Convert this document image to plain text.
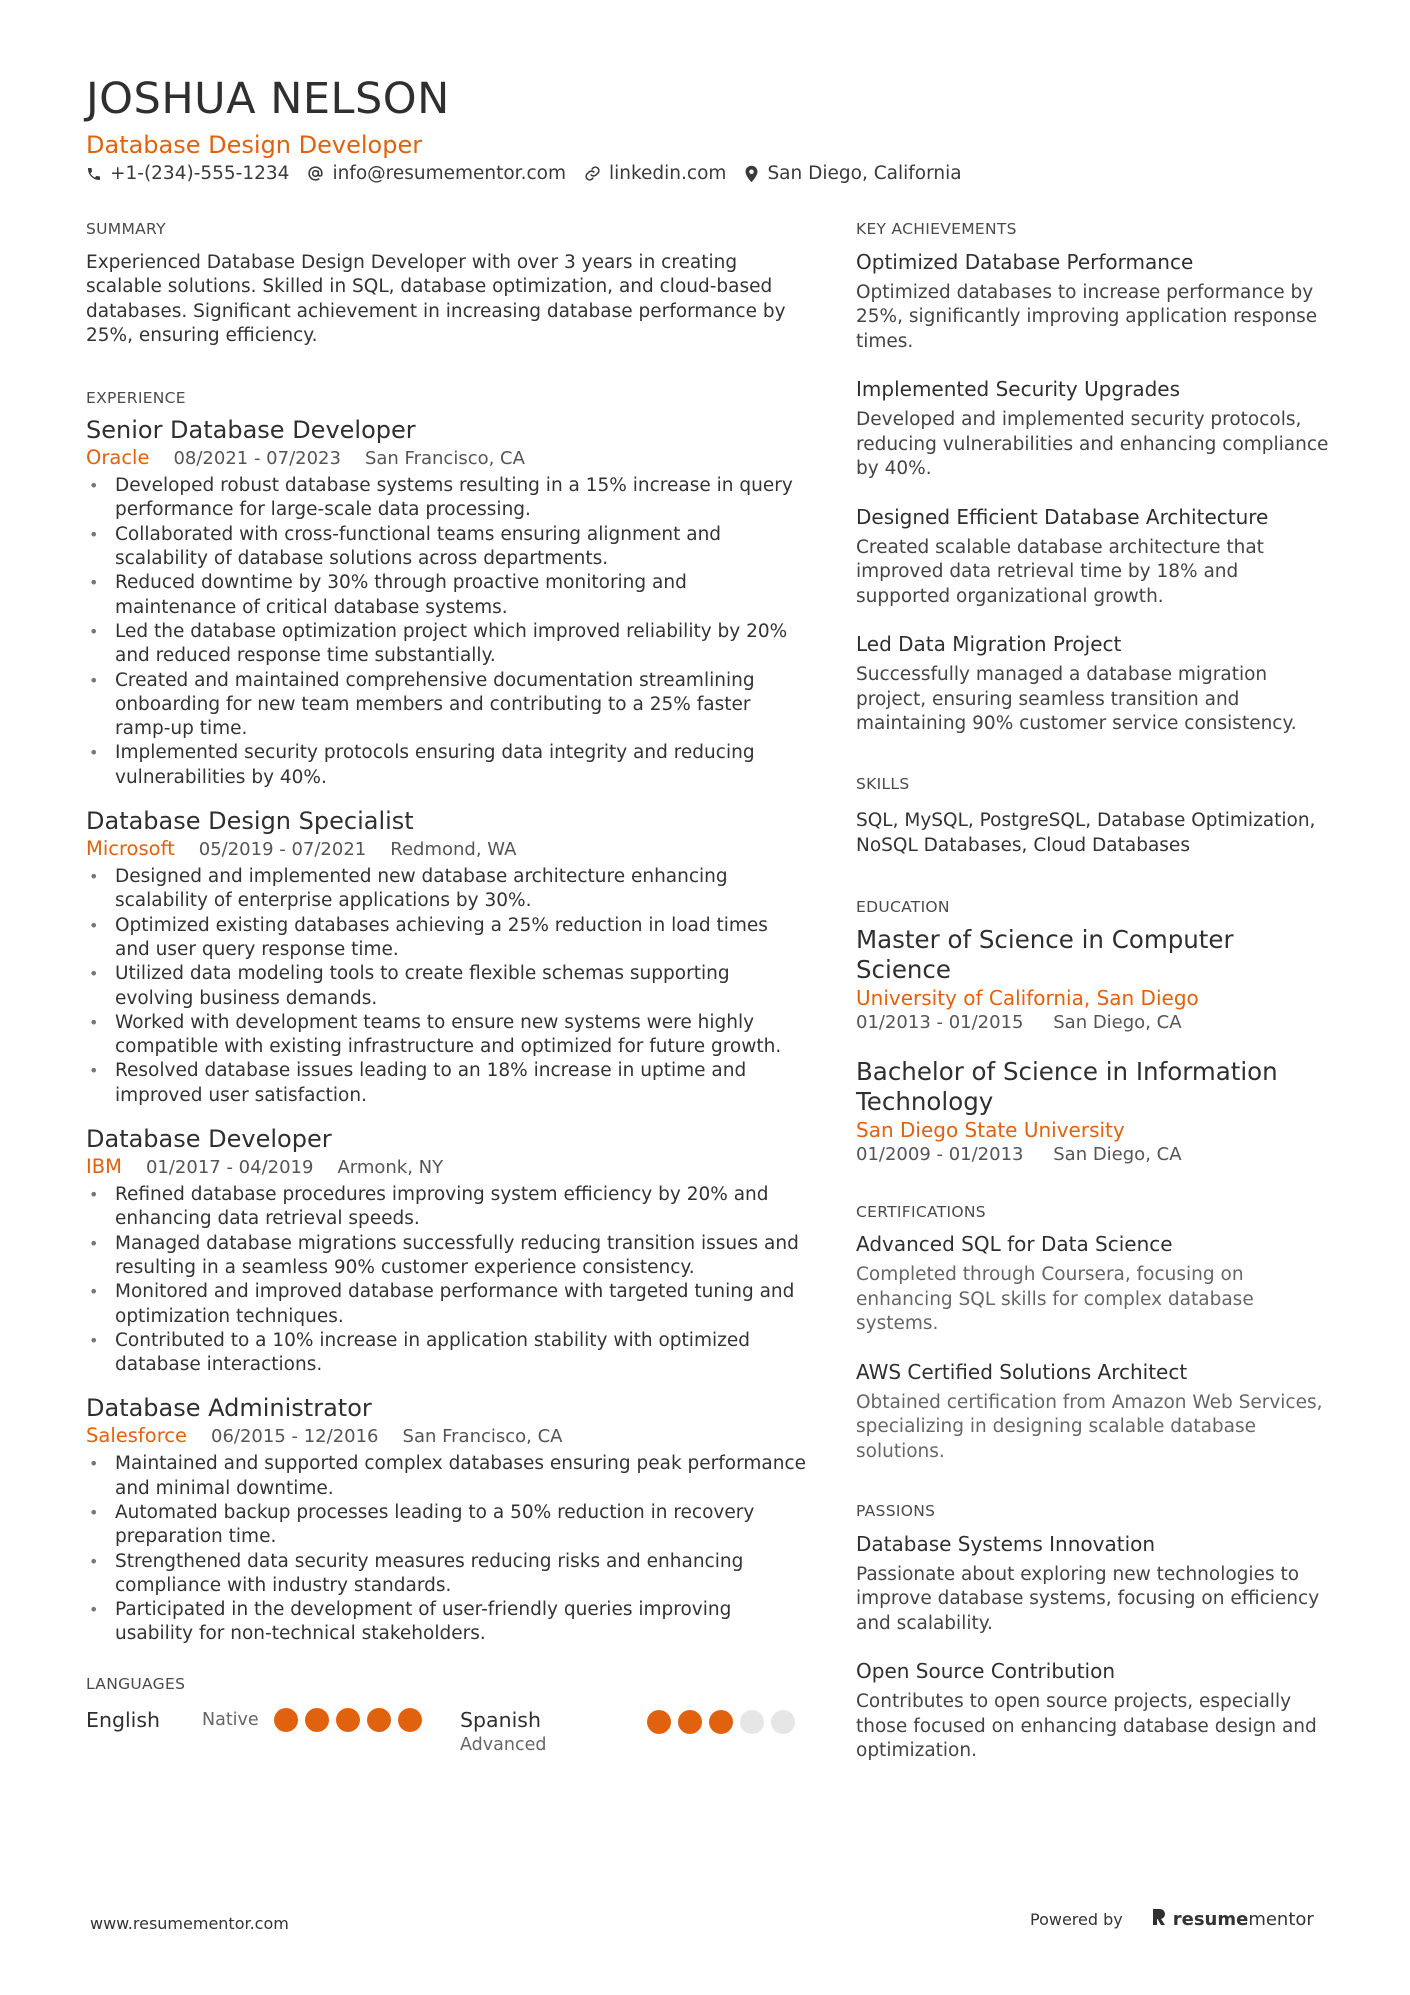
JOSHUA NELSON
Database Design Developer
+1-(234)-555-1234 info@resumementor.com linkedin.com San Diego, California
SUMMARY

Experienced Database Design Developer with over 3 years in creating scalable solutions. Skilled in SQL, database optimization, and cloud-based databases. Significant achievement in increasing database performance by 25%, ensuring efficiency.

EXPERIENCE
Senior Database Developer
Oracle 08/2021 - 07/2023 San Francisco, CA
• Developed robust database systems resulting in a 15% increase in query performance for large-scale data processing.
• Collaborated with cross-functional teams ensuring alignment and scalability of database solutions across departments.
• Reduced downtime by 30% through proactive monitoring and maintenance of critical database systems.
• Led the database optimization project which improved reliability by 20% and reduced response time substantially.
• Created and maintained comprehensive documentation streamlining onboarding for new team members and contributing to a 25% faster ramp-up time.
• Implemented security protocols ensuring data integrity and reducing vulnerabilities by 40%.
Database Design Specialist
Microsoft 05/2019 - 07/2021 Redmond, WA
• Designed and implemented new database architecture enhancing scalability of enterprise applications by 30%.
• Optimized existing databases achieving a 25% reduction in load times and user query response time.
• Utilized data modeling tools to create flexible schemas supporting evolving business demands.
• Worked with development teams to ensure new systems were highly compatible with existing infrastructure and optimized for future growth.
• Resolved database issues leading to an 18% increase in uptime and improved user satisfaction.
Database Developer
IBM 01/2017 - 04/2019 Armonk, NY
• Refined database procedures improving system efficiency by 20% and enhancing data retrieval speeds.
• Managed database migrations successfully reducing transition issues and resulting in a seamless 90% customer experience consistency.
• Monitored and improved database performance with targeted tuning and optimization techniques.
• Contributed to a 10% increase in application stability with optimized database interactions.
Database Administrator
Salesforce 06/2015 - 12/2016 San Francisco, CA
• Maintained and supported complex databases ensuring peak performance and minimal downtime.
• Automated backup processes leading to a 50% reduction in recovery preparation time.
• Strengthened data security measures reducing risks and enhancing compliance with industry standards.
• Participated in the development of user-friendly queries improving usability for non-technical stakeholders.
LANGUAGES
English Native	Spanish
Advanced
KEY ACHIEVEMENTS
Optimized Database Performance
Optimized databases to increase performance by 25%, significantly improving application response times.
Implemented Security Upgrades
Developed and implemented security protocols, reducing vulnerabilities and enhancing compliance by 40%.
Designed Efficient Database Architecture
Created scalable database architecture that improved data retrieval time by 18% and supported organizational growth.
Led Data Migration Project
Successfully managed a database migration project, ensuring seamless transition and maintaining 90% customer service consistency.
SKILLS

SQL, MySQL, PostgreSQL, Database Optimization, NoSQL Databases, Cloud Databases

EDUCATION
Master of Science in Computer Science
University of California, San Diego
01/2013 - 01/2015 San Diego, CA
Bachelor of Science in Information Technology
San Diego State University
01/2009 - 01/2013 San Diego, CA
CERTIFICATIONS
Advanced SQL for Data Science
Completed through Coursera, focusing on enhancing SQL skills for complex database systems.
AWS Certified Solutions Architect
Obtained certification from Amazon Web Services, specializing in designing scalable database solutions.
PASSIONS
Database Systems Innovation
Passionate about exploring new technologies to improve database systems, focusing on efficiency and scalability.
Open Source Contribution
Contributes to open source projects, especially those focused on enhancing database design and optimization.
www.resumementor.com	Powered by	resumementor
